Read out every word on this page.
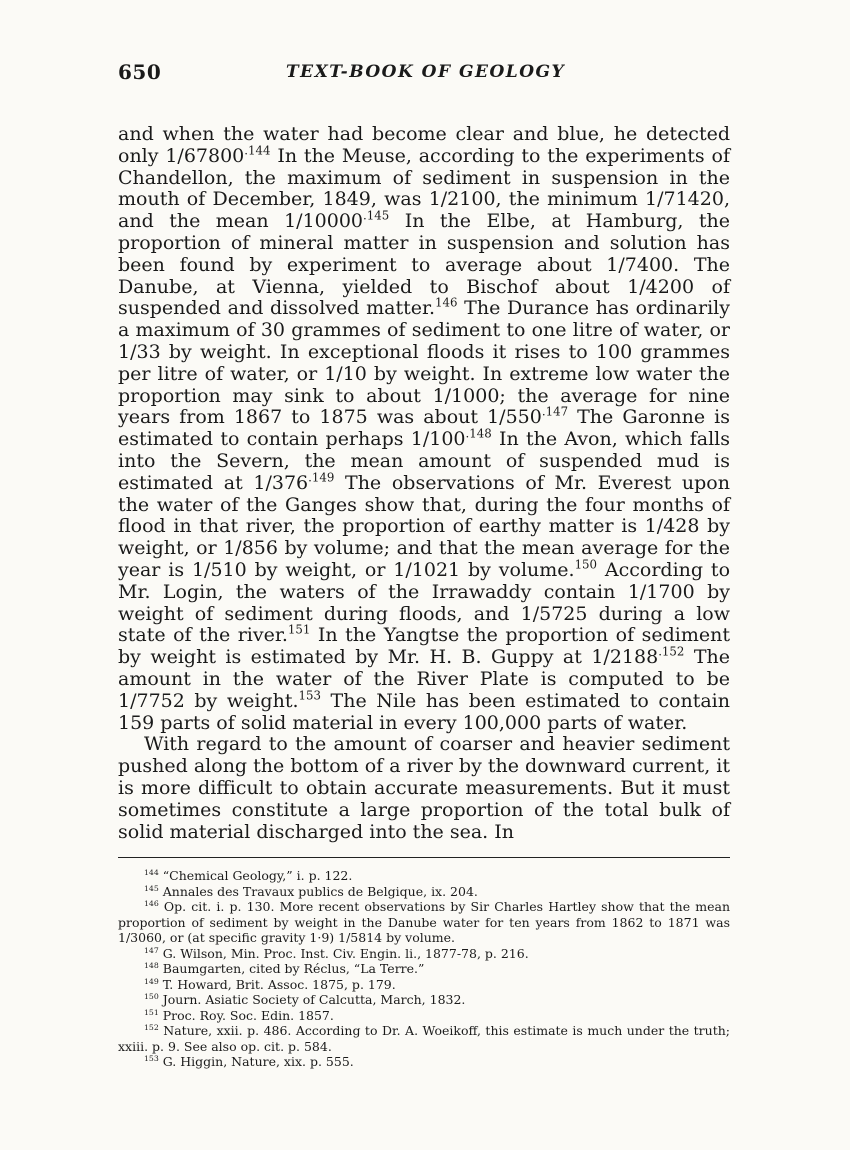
650	TEXT-BOOK OF GEOLOGY

and when the water had become clear and blue, he detected only $1/67800^{.144}$ In the Meuse, according to the experiments of Chandellon, the maximum of sediment in suspension in the mouth of December, 1849, was 1/2100, the minimum 1/71420, and the mean $1/10000^{.145}$ In the Elbe, at Hamburg, the proportion of mineral matter in suspension and solution has been found by experiment to average about 1/7400. The Danube, at Vienna, yielded to Bischof about 1/4200 of suspended and dissolved matter.$^{146}$ The Durance has ordinarily a maximum of 30 grammes of sediment to one litre of water, or 1/33 by weight. In exceptional floods it rises to 100 grammes per litre of water, or 1/10 by weight. In extreme low water the proportion may sink to about 1/1000; the average for nine years from 1867 to 1875 was about $1/550^{.147}$ The Garonne is estimated to contain perhaps $1/100^{.148}$ In the Avon, which falls into the Severn, the mean amount of suspended mud is estimated at $1/376^{.149}$ The observations of Mr. Everest upon the water of the Ganges show that, during the four months of flood in that river, the proportion of earthy matter is 1/428 by weight, or 1/856 by volume; and that the mean average for the year is 1/510 by weight, or 1/1021 by volume.$^{150}$ According to Mr. Login, the waters of the Irrawaddy contain 1/1700 by weight of sediment during floods, and 1/5725 during a low state of the river.$^{151}$ In the Yangtse the proportion of sediment by weight is estimated by Mr. H. B. Guppy at $1/2188^{.152}$ The amount in the water of the River Plate is computed to be 1/7752 by weight.$^{153}$ The Nile has been estimated to contain 159 parts of solid material in every 100,000 parts of water.

With regard to the amount of coarser and heavier sediment pushed along the bottom of a river by the downward current, it is more difficult to obtain accurate measurements. But it must sometimes constitute a large proportion of the total bulk of solid material discharged into the sea. In

$^{144}$ “Chemical Geology,” i. p. 122.

$^{145}$ Annales des Travaux publics de Belgique, ix. 204.

$^{146}$ Op. cit. i. p. 130. More recent observations by Sir Charles Hartley show that the mean proportion of sediment by weight in the Danube water for ten years from 1862 to 1871 was 1/3060, or (at specific gravity 1·9) 1/5814 by volume.

$^{147}$ G. Wilson, Min. Proc. Inst. Civ. Engin. li., 1877-78, p. 216.

$^{148}$ Baumgarten, cited by Réclus, “La Terre.”

$^{149}$ T. Howard, Brit. Assoc. 1875, p. 179.

$^{150}$ Journ. Asiatic Society of Calcutta, March, 1832.

$^{151}$ Proc. Roy. Soc. Edin. 1857.

$^{152}$ Nature, xxii. p. 486. According to Dr. A. Woeikoff, this estimate is much under the truth; xxiii. p. 9. See also op. cit. p. 584.

$^{153}$ G. Higgin, Nature, xix. p. 555.
